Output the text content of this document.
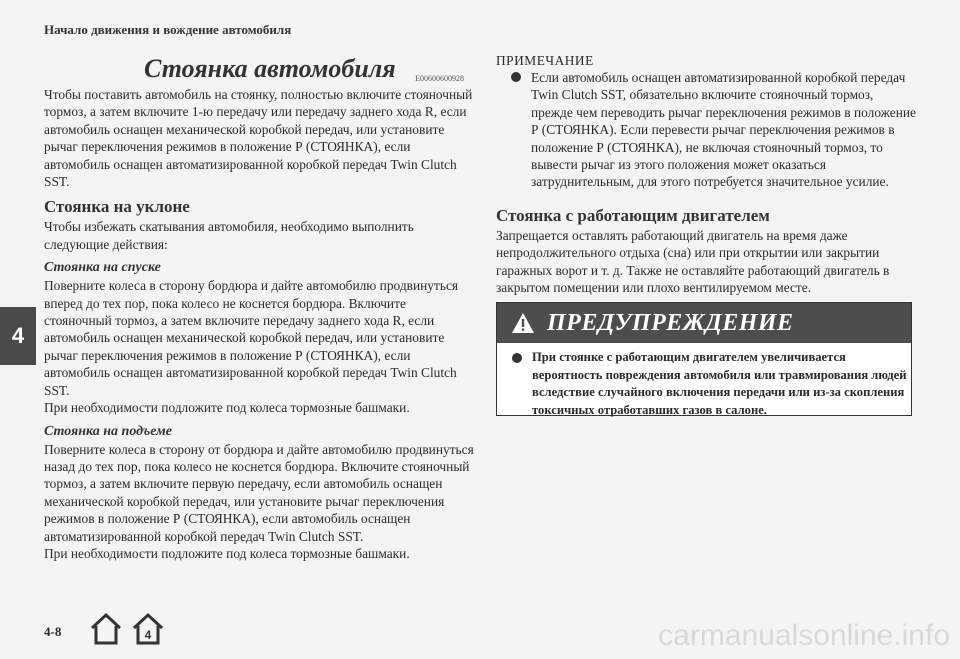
Начало движения и вождение автомобиля
4
Стоянка автомобиля E00600600928

Чтобы поставить автомобиль на стоянку, полностью включите стояночный тормоз, а затем включите 1-ю передачу или передачу заднего хода R, если автомобиль оснащен механической коробкой передач, или установите рычаг переключения режимов в положение Р (СТОЯНКА), если автомобиль оснащен автоматизированной коробкой передач Twin Clutch SST.

Стоянка на уклоне

Чтобы избежать скатывания автомобиля, необходимо выполнить следующие действия:

Стоянка на спуске

Поверните колеса в сторону бордюра и дайте автомобилю продвинуться вперед до тех пор, пока колесо не коснется бордюра. Включите стояночный тормоз, а затем включите передачу заднего хода R, если автомобиль оснащен механической коробкой передач, или установите рычаг переключения режимов в положение Р (СТОЯНКА), если автомобиль оснащен автоматизированной коробкой передач Twin Clutch SST.

При необходимости подложите под колеса тормозные башмаки.

Стоянка на подъеме

Поверните колеса в сторону от бордюра и дайте автомобилю продвинуться назад до тех пор, пока колесо не коснется бордюра. Включите стояночный тормоз, а затем включите первую передачу, если автомобиль оснащен механической коробкой передач, или установите рычаг переключения режимов в положение Р (СТОЯНКА), если автомобиль оснащен автоматизированной коробкой передач Twin Clutch SST.

При необходимости подложите под колеса тормозные башмаки.

ПРИМЕЧАНИЕ
Если автомобиль оснащен автоматизированной коробкой передач Twin Clutch SST, обязательно включите стояночный тормоз, прежде чем переводить рычаг переключения режимов в положение Р (СТОЯНКА). Если перевести рычаг переключения режимов в положение Р (СТОЯНКА), не включая стояночный тормоз, то вывести рычаг из этого положения может оказаться затруднительным, для этого потребуется значительное усилие.
Стоянка с работающим двигателем

Запрещается оставлять работающий двигатель на время даже непродолжительного отдыха (сна) или при открытии или закрытии гаражных ворот и т. д. Также не оставляйте работающий двигатель в закрытом помещении или плохо вентилируемом месте.

ПРЕДУПРЕЖДЕНИЕ
При стоянке с работающим двигателем увеличивается вероятность повреждения автомобиля или травмирования людей вследствие случайного включения передачи или из-за скопления токсичных отработавших газов в салоне.
4-8	4	carmanualsonline.info
